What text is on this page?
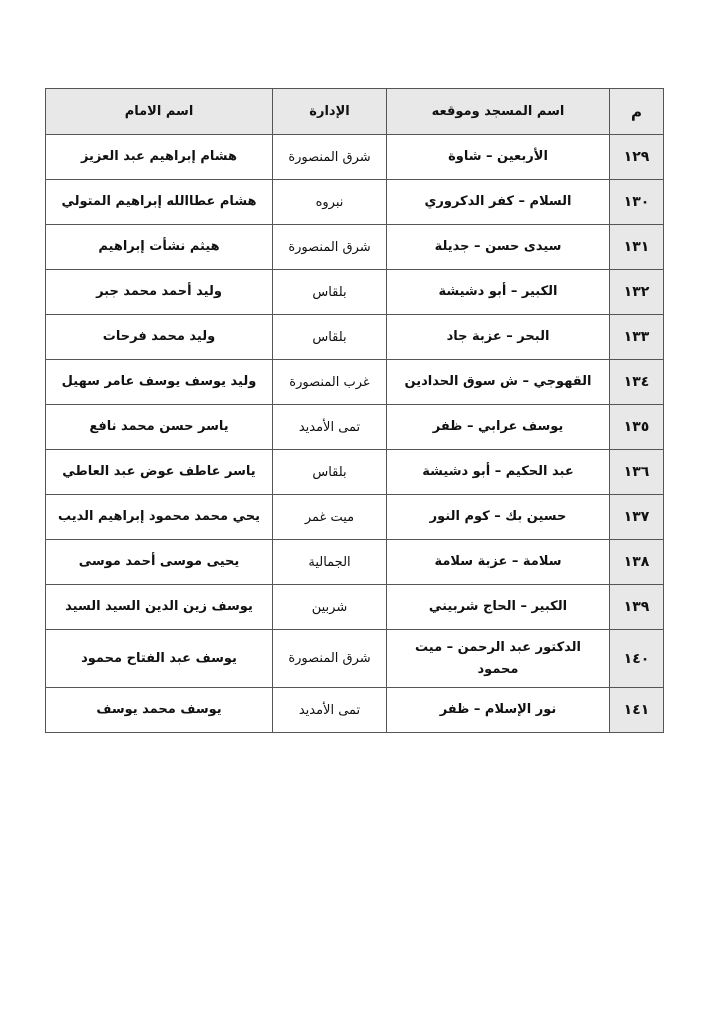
م	اسم المسجد وموقعه	الإدارة	اسم الامام
١٢٩	الأربعين – شاوة	شرق المنصورة	هشام إبراهيم عبد العزيز
١٣٠	السلام – كفر الدكروري	نبروه	هشام عطاالله إبراهيم المتولي
١٣١	سيدى حسن – جديلة	شرق المنصورة	هيثم نشأت إبراهيم
١٣٢	الكبير – أبو دشيشة	بلقاس	وليد أحمد محمد جبر
١٣٣	البحر – عزبة جاد	بلقاس	وليد محمد فرحات
١٣٤	القهوجي – ش سوق الحدادين	غرب المنصورة	وليد يوسف يوسف عامر سهيل
١٣٥	يوسف عرابي – ظفر	تمى الأمديد	ياسر حسن محمد نافع
١٣٦	عبد الحكيم – أبو دشيشة	بلقاس	ياسر عاطف عوض عبد العاطي
١٣٧	حسين بك – كوم النور	ميت غمر	يحي محمد محمود إبراهيم الديب
١٣٨	سلامة – عزبة سلامة	الجمالية	يحيى موسى أحمد موسى
١٣٩	الكبير – الحاج شربيني	شربين	يوسف زين الدين السيد السيد
١٤٠	الدكتور عبد الرحمن – ميت محمود	شرق المنصورة	يوسف عبد الفتاح محمود
١٤١	نور الإسلام – ظفر	تمى الأمديد	يوسف محمد يوسف
